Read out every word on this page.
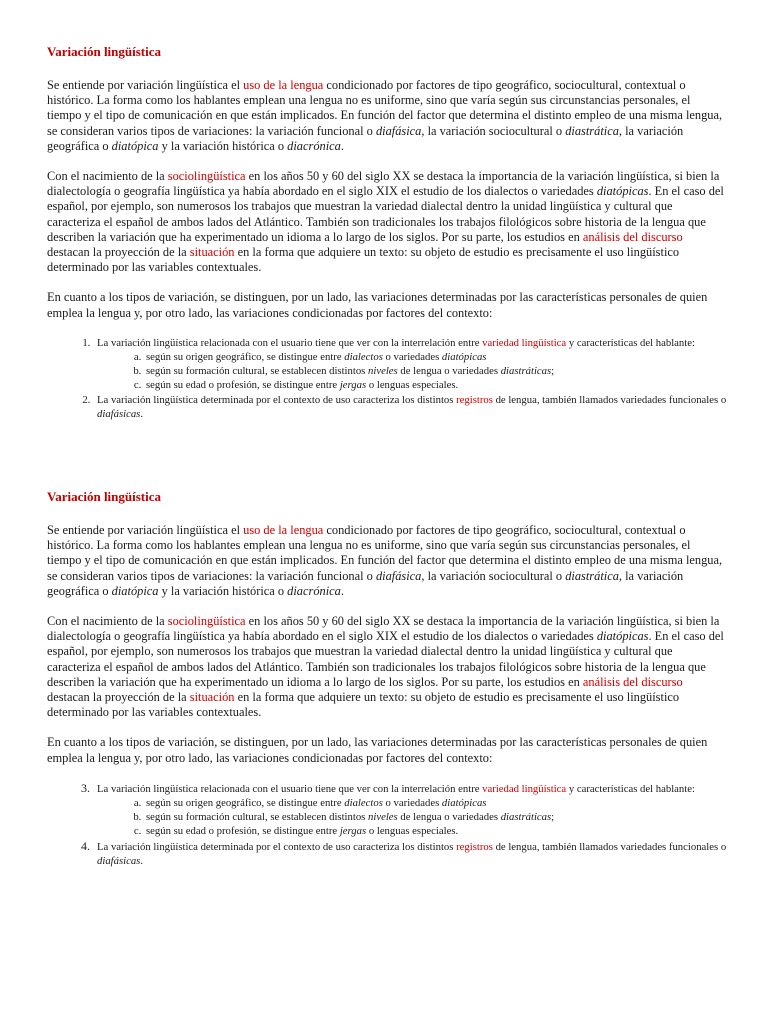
Variación lingüística

Se entiende por variación lingüística el uso de la lengua condicionado por factores de tipo geográfico, sociocultural, contextual o histórico. La forma como los hablantes emplean una lengua no es uniforme, sino que varía según sus circunstancias personales, el tiempo y el tipo de comunicación en que están implicados. En función del factor que determina el distinto empleo de una misma lengua, se consideran varios tipos de variaciones: la variación funcional o diafásica, la variación sociocultural o diastrática, la variación geográfica o diatópica y la variación histórica o diacrónica.

Con el nacimiento de la sociolingüística en los años 50 y 60 del siglo XX se destaca la importancia de la variación lingüística, si bien la dialectología o geografía lingüística ya había abordado en el siglo XIX el estudio de los dialectos o variedades diatópicas. En el caso del español, por ejemplo, son numerosos los trabajos que muestran la variedad dialectal dentro la unidad lingüística y cultural que caracteriza el español de ambos lados del Atlántico. También son tradicionales los trabajos filológicos sobre historia de la lengua que describen la variación que ha experimentado un idioma a lo largo de los siglos. Por su parte, los estudios en análisis del discurso destacan la proyección de la situación en la forma que adquiere un texto: su objeto de estudio es precisamente el uso lingüístico determinado por las variables contextuales.

En cuanto a los tipos de variación, se distinguen, por un lado, las variaciones determinadas por las características personales de quien emplea la lengua y, por otro lado, las variaciones condicionadas por factores del contexto:

1. La variación lingüística relacionada con el usuario tiene que ver con la interrelación entre variedad lingüística y características del hablante:
a. según su origen geográfico, se distingue entre dialectos o variedades diatópicas
b. según su formación cultural, se establecen distintos niveles de lengua o variedades diastráticas;
c. según su edad o profesión, se distingue entre jergas o lenguas especiales.
2. La variación lingüística determinada por el contexto de uso caracteriza los distintos registros de lengua, también llamados variedades funcionales o diafásicas.
Variación lingüística

Se entiende por variación lingüística el uso de la lengua condicionado por factores de tipo geográfico, sociocultural, contextual o histórico. La forma como los hablantes emplean una lengua no es uniforme, sino que varía según sus circunstancias personales, el tiempo y el tipo de comunicación en que están implicados. En función del factor que determina el distinto empleo de una misma lengua, se consideran varios tipos de variaciones: la variación funcional o diafásica, la variación sociocultural o diastrática, la variación geográfica o diatópica y la variación histórica o diacrónica.

Con el nacimiento de la sociolingüística en los años 50 y 60 del siglo XX se destaca la importancia de la variación lingüística, si bien la dialectología o geografía lingüística ya había abordado en el siglo XIX el estudio de los dialectos o variedades diatópicas. En el caso del español, por ejemplo, son numerosos los trabajos que muestran la variedad dialectal dentro la unidad lingüística y cultural que caracteriza el español de ambos lados del Atlántico. También son tradicionales los trabajos filológicos sobre historia de la lengua que describen la variación que ha experimentado un idioma a lo largo de los siglos. Por su parte, los estudios en análisis del discurso destacan la proyección de la situación en la forma que adquiere un texto: su objeto de estudio es precisamente el uso lingüístico determinado por las variables contextuales.

En cuanto a los tipos de variación, se distinguen, por un lado, las variaciones determinadas por las características personales de quien emplea la lengua y, por otro lado, las variaciones condicionadas por factores del contexto:

3. La variación lingüística relacionada con el usuario tiene que ver con la interrelación entre variedad lingüística y características del hablante:
a. según su origen geográfico, se distingue entre dialectos o variedades diatópicas
b. según su formación cultural, se establecen distintos niveles de lengua o variedades diastráticas;
c. según su edad o profesión, se distingue entre jergas o lenguas especiales.
4. La variación lingüística determinada por el contexto de uso caracteriza los distintos registros de lengua, también llamados variedades funcionales o diafásicas.
